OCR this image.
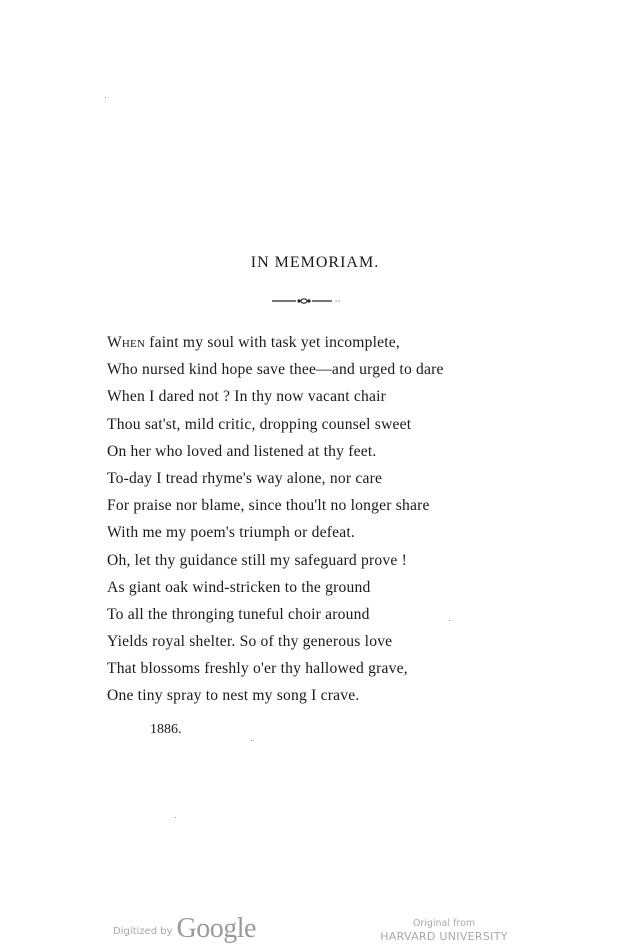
IN MEMORIAM.
When faint my soul with task yet incomplete,
Who nursed kind hope save thee—and urged to dare
When I dared not ? In thy now vacant chair
Thou sat'st, mild critic, dropping counsel sweet
On her who loved and listened at thy feet.
To-day I tread rhyme's way alone, nor care
For praise nor blame, since thou'lt no longer share
With me my poem's triumph or defeat.
Oh, let thy guidance still my safeguard prove !
As giant oak wind-stricken to the ground
To all the thronging tuneful choir around
Yields royal shelter. So of thy generous love
That blossoms freshly o'er thy hallowed grave,
One tiny spray to nest my song I crave.
1886.
Digitized by Google	Original from
HARVARD UNIVERSITY
